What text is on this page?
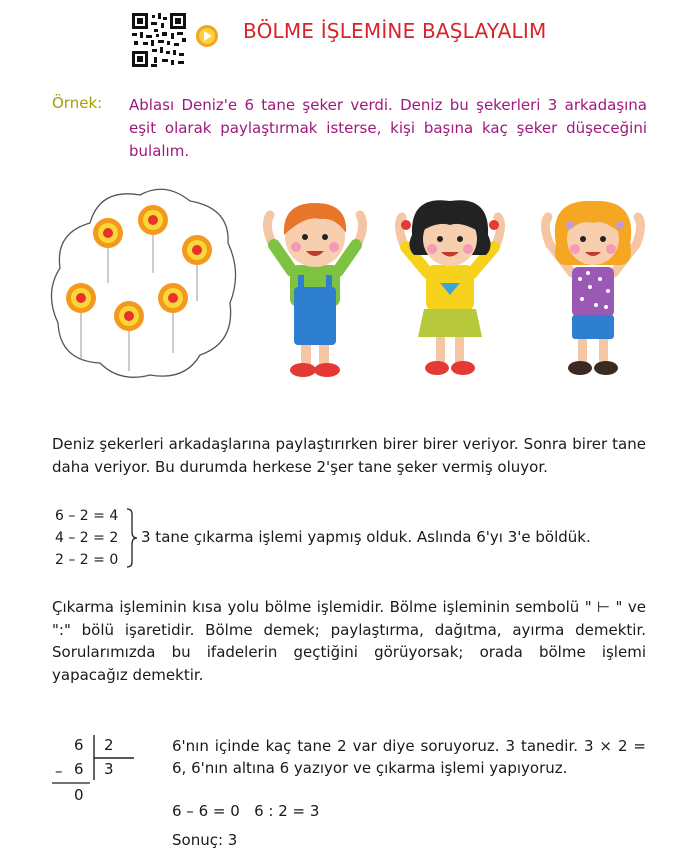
BÖLME İŞLEMİNE BAŞLAYALIM
Örnek: Ablası Deniz'e 6 tane şeker verdi. Deniz bu şekerleri 3 arkadaşına eşit olarak paylaştırmak isterse, kişi başına kaç şeker düşeceğini bulalım.
Deniz şekerleri arkadaşlarına paylaştırırken birer birer veriyor. Sonra birer tane daha veriyor. Bu durumda herkese 2'şer tane şeker vermiş oluyor.
6 – 2 = 4
4 – 2 = 2
2 – 2 = 0
3 tane çıkarma işlemi yapmış olduk. Aslında 6'yı 3'e böldük.
Çıkarma işleminin kısa yolu bölme işlemidir. Bölme işleminin sembolü " ⊢ " ve ":" bölü işaretidir. Bölme demek; paylaştırma, dağıtma, ayırma demektir. Sorularımızda bu ifadelerin geçtiğini görüyorsak; orada bölme işlemi yapacağız demektir.
6 2
– 6 3
0
6'nın içinde kaç tane 2 var diye soruyoruz. 3 tanedir. 3 × 2 = 6, 6'nın altına 6 yazıyor ve çıkarma işlemi yapıyoruz.
6 – 6 = 0   6 : 2 = 3
Sonuç: 3
